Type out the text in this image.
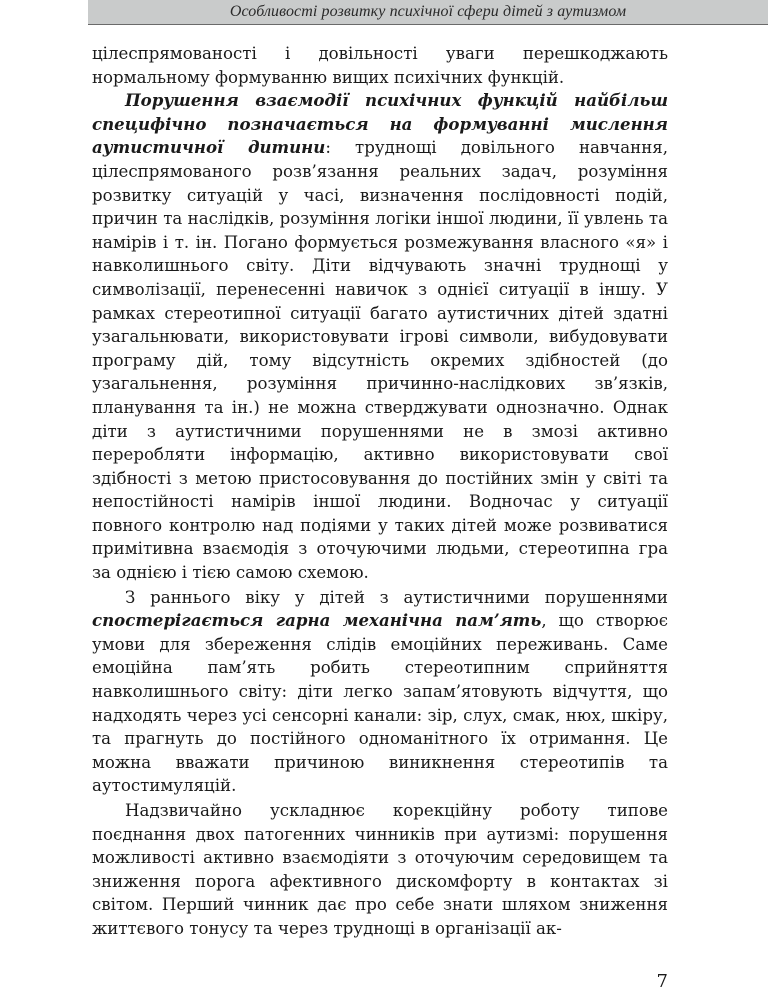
Особливості розвитку психічної сфери дітей з аутизмом

цілеспрямованості і довільності уваги перешкоджають нормальному формуванню вищих психічних функцій.

Порушення взаємодії психічних функцій найбільш специфічно позначається на формуванні мислення аутистичної дитини: труднощі довільного навчання, цілеспрямованого розв’язання реальних задач, розуміння розвитку ситуацій у часі, визначення послідовності подій, причин та наслідків, розуміння логіки іншої людини, її увлень та намірів і т. ін. Погано формується розмежування власного «я» і навколишнього світу. Діти відчувають значні труднощі у символізації, перенесенні навичок з однієї ситуації в іншу. У рамках стереотипної ситуації багато аутистичних дітей здатні узагальнювати, використовувати ігрові символи, вибудовувати програму дій, тому відсутність окремих здібностей (до узагальнення, розуміння причинно-наслідкових зв’язків, планування та ін.) не можна стверджувати однозначно. Однак діти з аутистичними порушеннями не в змозі активно переробляти інформацію, активно використовувати свої здібності з метою пристосовування до постійних змін у світі та непостійності намірів іншої людини. Водночас у ситуації повного контролю над подіями у таких дітей може розвиватися примітивна взаємодія з оточуючими людьми, стереотипна гра за однією і тією самою схемою.

З раннього віку у дітей з аутистичними порушеннями спостерігається гарна механічна пам’ять, що створює умови для збереження слідів емоційних переживань. Саме емоційна пам’ять робить стереотипним сприйняття навколишнього світу: діти легко запам’ятовують відчуття, що надходять через усі сенсорні канали: зір, слух, смак, нюх, шкіру, та прагнуть до постійного одноманітного їх отримання. Це можна вважати причиною виникнення стереотипів та аутостимуляцій.

Надзвичайно ускладнює корекційну роботу типове поєднання двох патогенних чинників при аутизмі: порушення можливості активно взаємодіяти з оточуючим середовищем та зниження порога афективного дискомфорту в контактах зі світом. Перший чинник дає про себе знати шляхом зниження життєвого тонусу та через труднощі в організації ак-

7
